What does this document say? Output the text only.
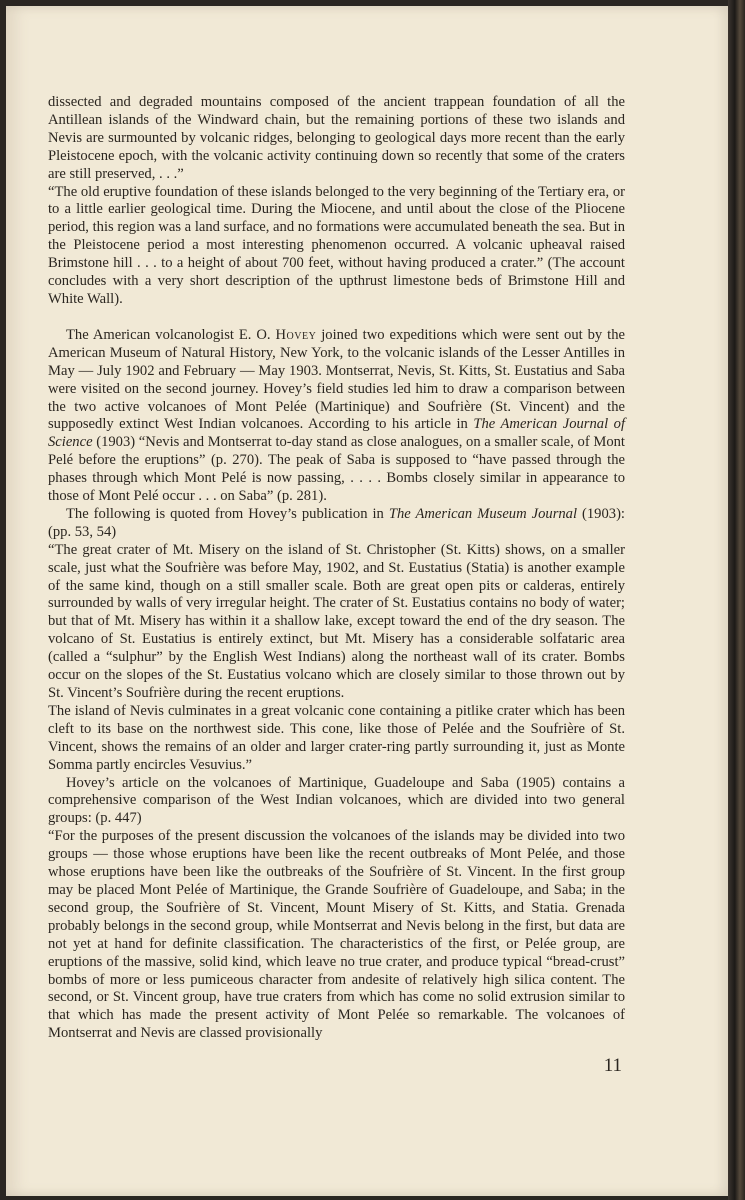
dissected and degraded mountains composed of the ancient trappean foundation of all the Antillean islands of the Windward chain, but the remaining portions of these two islands and Nevis are surmounted by volcanic ridges, belonging to geological days more recent than the early Pleistocene epoch, with the volcanic activity continuing down so recently that some of the craters are still preserved, . . .”

“The old eruptive foundation of these islands belonged to the very beginning of the Tertiary era, or to a little earlier geological time. During the Miocene, and until about the close of the Pliocene period, this region was a land surface, and no formations were accumulated beneath the sea. But in the Pleistocene period a most interesting phenomenon occurred. A volcanic upheaval raised Brimstone hill . . . to a height of about 700 feet, without having produced a crater.” (The account concludes with a very short description of the upthrust limestone beds of Brimstone Hill and White Wall).

The American volcanologist E. O. Hovey joined two expeditions which were sent out by the American Museum of Natural History, New York, to the volcanic islands of the Lesser Antilles in May — July 1902 and February — May 1903. Montserrat, Nevis, St. Kitts, St. Eustatius and Saba were visited on the second journey. Hovey’s field studies led him to draw a comparison between the two active volcanoes of Mont Pelée (Martinique) and Soufrière (St. Vincent) and the supposedly extinct West Indian volcanoes. According to his article in The American Journal of Science (1903) “Nevis and Montserrat to-day stand as close analogues, on a smaller scale, of Mont Pelé before the eruptions” (p. 270). The peak of Saba is supposed to “have passed through the phases through which Mont Pelé is now passing, . . . . Bombs closely similar in appearance to those of Mont Pelé occur . . . on Saba” (p. 281).

The following is quoted from Hovey’s publication in The American Museum Journal (1903): (pp. 53, 54)

“The great crater of Mt. Misery on the island of St. Christopher (St. Kitts) shows, on a smaller scale, just what the Soufrière was before May, 1902, and St. Eustatius (Statia) is another example of the same kind, though on a still smaller scale. Both are great open pits or calderas, entirely surrounded by walls of very irregular height. The crater of St. Eustatius contains no body of water; but that of Mt. Misery has within it a shallow lake, except toward the end of the dry season. The volcano of St. Eustatius is entirely extinct, but Mt. Misery has a considerable solfataric area (called a “sulphur” by the English West Indians) along the northeast wall of its crater. Bombs occur on the slopes of the St. Eustatius volcano which are closely similar to those thrown out by St. Vincent’s Soufrière during the recent eruptions.

The island of Nevis culminates in a great volcanic cone containing a pitlike crater which has been cleft to its base on the northwest side. This cone, like those of Pelée and the Soufrière of St. Vincent, shows the remains of an older and larger crater-ring partly surrounding it, just as Monte Somma partly encircles Vesuvius.”

Hovey’s article on the volcanoes of Martinique, Guadeloupe and Saba (1905) contains a comprehensive comparison of the West Indian volcanoes, which are divided into two general groups: (p. 447)

“For the purposes of the present discussion the volcanoes of the islands may be divided into two groups — those whose eruptions have been like the recent outbreaks of Mont Pelée, and those whose eruptions have been like the outbreaks of the Soufrière of St. Vincent. In the first group may be placed Mont Pelée of Martinique, the Grande Soufrière of Guadeloupe, and Saba; in the second group, the Soufrière of St. Vincent, Mount Misery of St. Kitts, and Statia. Grenada probably belongs in the second group, while Montserrat and Nevis belong in the first, but data are not yet at hand for definite classification. The characteristics of the first, or Pelée group, are eruptions of the massive, solid kind, which leave no true crater, and produce typical “bread-crust” bombs of more or less pumiceous character from andesite of relatively high silica content. The second, or St. Vincent group, have true craters from which has come no solid extrusion similar to that which has made the present activity of Mont Pelée so remarkable. The volcanoes of Montserrat and Nevis are classed provisionally

11
